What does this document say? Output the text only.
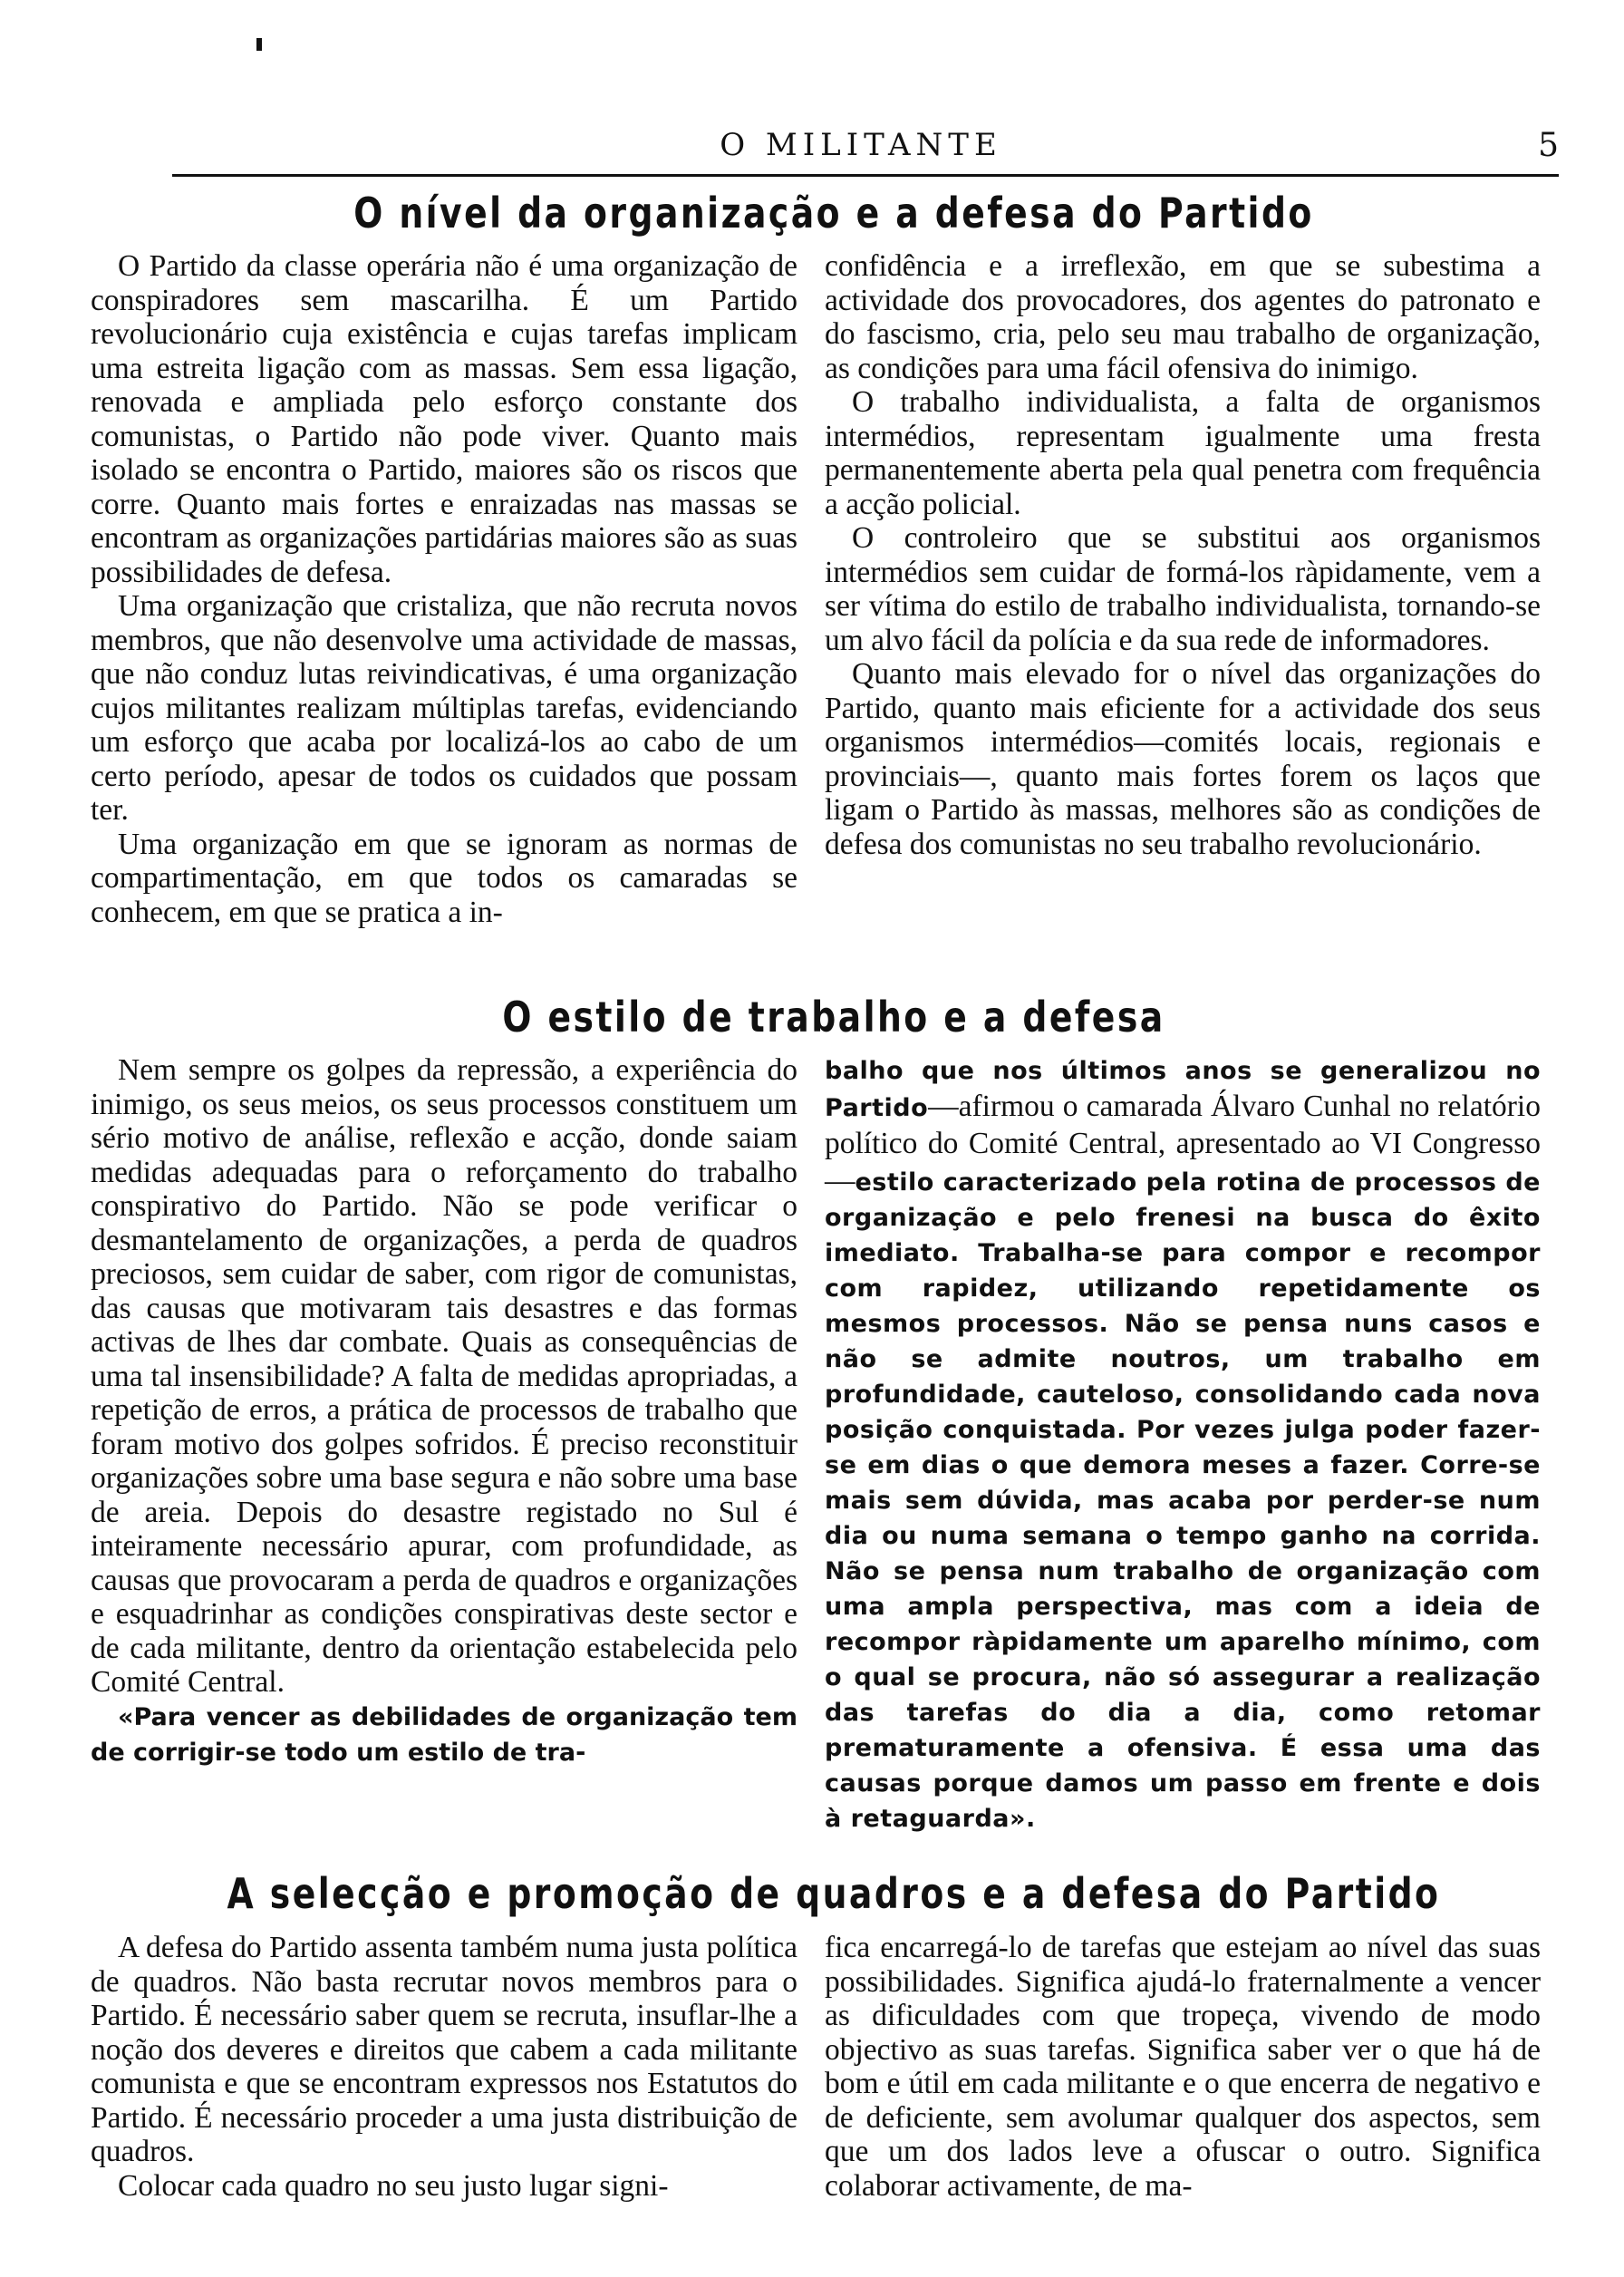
O MILITANTE	5
O nível da organização e a defesa do Partido

O Partido da classe operária não é uma organização de conspiradores sem mascarilha. É um Partido revolucionário cuja existência e cujas tarefas implicam uma estreita ligação com as massas. Sem essa ligação, renovada e ampliada pelo esforço constante dos comunistas, o Partido não pode viver. Quanto mais isolado se encontra o Partido, maiores são os riscos que corre. Quanto mais fortes e enraizadas nas massas se encontram as organizações partidárias maiores são as suas possibilidades de defesa.

Uma organização que cristaliza, que não recruta novos membros, que não desenvolve uma actividade de massas, que não conduz lutas reivindicativas, é uma organização cujos militantes realizam múltiplas tarefas, evidenciando um esforço que acaba por localizá-los ao cabo de um certo período, apesar de todos os cuidados que possam ter.

Uma organização em que se ignoram as normas de compartimentação, em que todos os camaradas se conhecem, em que se pratica a in-

confidência e a irreflexão, em que se subestima a actividade dos provocadores, dos agentes do patronato e do fascismo, cria, pelo seu mau trabalho de organização, as condições para uma fácil ofensiva do inimigo.

O trabalho individualista, a falta de organismos intermédios, representam igualmente uma fresta permanentemente aberta pela qual penetra com frequência a acção policial.

O controleiro que se substitui aos organismos intermédios sem cuidar de formá-los ràpidamente, vem a ser vítima do estilo de trabalho individualista, tornando-se um alvo fácil da polícia e da sua rede de informadores.

Quanto mais elevado for o nível das organizações do Partido, quanto mais eficiente for a actividade dos seus organismos intermédios—comités locais, regionais e provinciais—, quanto mais fortes forem os laços que ligam o Partido às massas, melhores são as condições de defesa dos comunistas no seu trabalho revolucionário.

O estilo de trabalho e a defesa

Nem sempre os golpes da repressão, a experiência do inimigo, os seus meios, os seus processos constituem um sério motivo de análise, reflexão e acção, donde saiam medidas adequadas para o reforçamento do trabalho conspirativo do Partido. Não se pode verificar o desmantelamento de organizações, a perda de quadros preciosos, sem cuidar de saber, com rigor de comunistas, das causas que motivaram tais desastres e das formas activas de lhes dar combate. Quais as consequências de uma tal insensibilidade? A falta de medidas apropriadas, a repetição de erros, a prática de processos de trabalho que foram motivo dos golpes sofridos. É preciso reconstituir organizações sobre uma base segura e não sobre uma base de areia. Depois do desastre registado no Sul é inteiramente necessário apurar, com profundidade, as causas que provocaram a perda de quadros e organizações e esquadrinhar as condições conspirativas deste sector e de cada militante, dentro da orientação estabelecida pelo Comité Central.

«Para vencer as debilidades de organização tem de corrigir-se todo um estilo de tra-

balho que nos últimos anos se generalizou no Partido—afirmou o camarada Álvaro Cunhal no relatório político do Comité Central, apresentado ao VI Congresso—estilo caracterizado pela rotina de processos de organização e pelo frenesi na busca do êxito imediato. Trabalha-se para compor e recompor com rapidez, utilizando repetidamente os mesmos processos. Não se pensa nuns casos e não se admite noutros, um trabalho em profundidade, cauteloso, consolidando cada nova posição conquistada. Por vezes julga poder fazer-se em dias o que demora meses a fazer. Corre-se mais sem dúvida, mas acaba por perder-se num dia ou numa semana o tempo ganho na corrida. Não se pensa num trabalho de organização com uma ampla perspectiva, mas com a ideia de recompor ràpidamente um aparelho mínimo, com o qual se procura, não só assegurar a realização das tarefas do dia a dia, como retomar prematuramente a ofensiva. É essa uma das causas porque damos um passo em frente e dois à retaguarda».

A selecção e promoção de quadros e a defesa do Partido

A defesa do Partido assenta também numa justa política de quadros. Não basta recrutar novos membros para o Partido. É necessário saber quem se recruta, insuflar-lhe a noção dos deveres e direitos que cabem a cada militante comunista e que se encontram expressos nos Estatutos do Partido. É necessário proceder a uma justa distribuição de quadros.

Colocar cada quadro no seu justo lugar signi-

fica encarregá-lo de tarefas que estejam ao nível das suas possibilidades. Significa ajudá-lo fraternalmente a vencer as dificuldades com que tropeça, vivendo de modo objectivo as suas tarefas. Significa saber ver o que há de bom e útil em cada militante e o que encerra de negativo e de deficiente, sem avolumar qualquer dos aspectos, sem que um dos lados leve a ofuscar o outro. Significa colaborar activamente, de ma-
